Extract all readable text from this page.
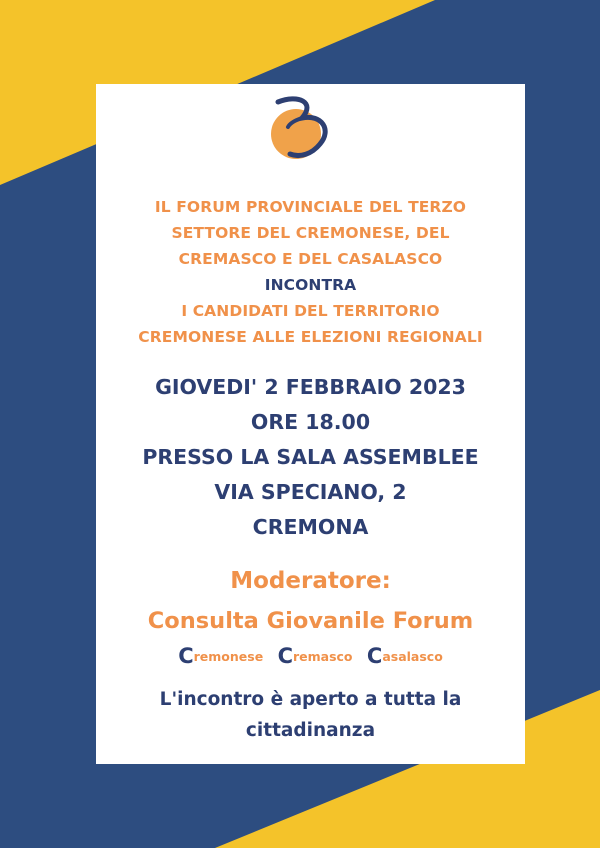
IL FORUM PROVINCIALE DEL TERZO
SETTORE DEL CREMONESE, DEL
CREMASCO E DEL CASALASCO
INCONTRA
I CANDIDATI DEL TERRITORIO
CREMONESE ALLE ELEZIONI REGIONALI
GIOVEDI' 2 FEBBRAIO 2023
ORE 18.00
PRESSO LA SALA ASSEMBLEE
VIA SPECIANO, 2
CREMONA
Moderatore:
Consulta Giovanile Forum
Cremonese Cremasco Casalasco
L'incontro è aperto a tutta la
cittadinanza
